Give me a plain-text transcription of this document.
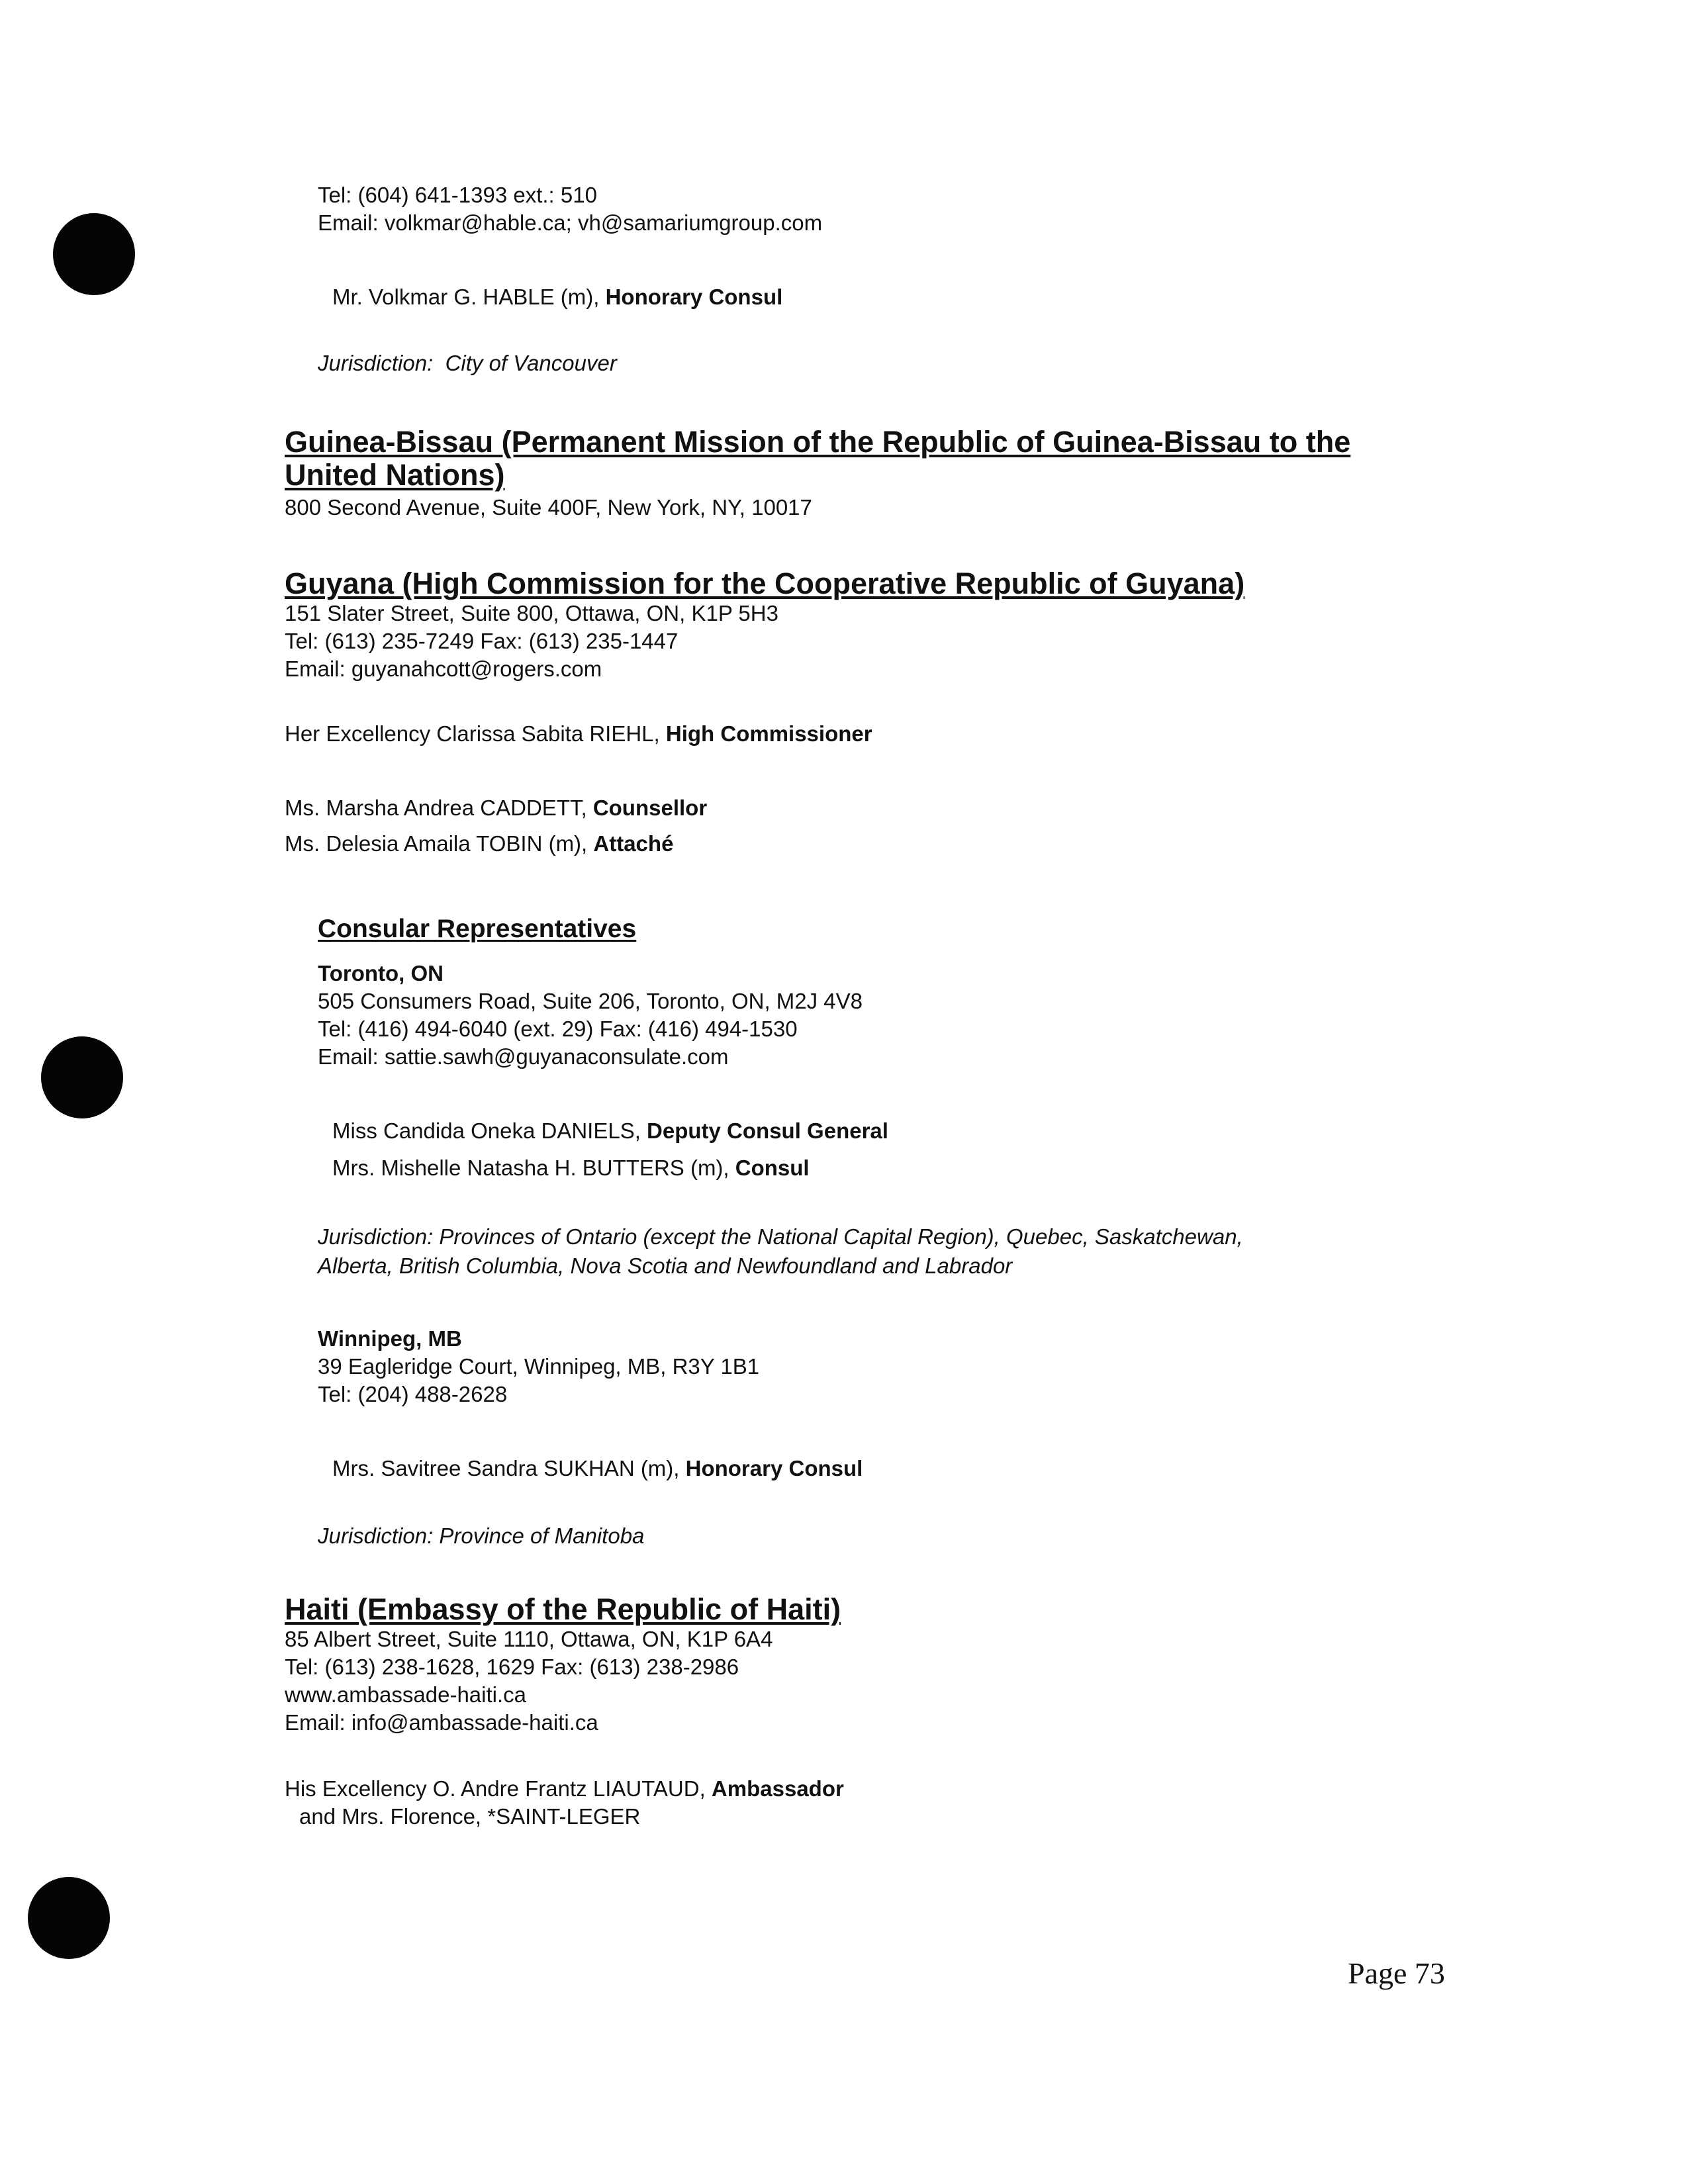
Tel: (604) 641-1393 ext.: 510
Email: volkmar@hable.ca; vh@samariumgroup.com
Mr. Volkmar G. HABLE (m), Honorary Consul
Jurisdiction: City of Vancouver
Guinea-Bissau (Permanent Mission of the Republic of Guinea-Bissau to the
United Nations)
800 Second Avenue, Suite 400F, New York, NY, 10017
Guyana (High Commission for the Cooperative Republic of Guyana)
151 Slater Street, Suite 800, Ottawa, ON, K1P 5H3
Tel: (613) 235-7249 Fax: (613) 235-1447
Email: guyanahcott@rogers.com
Her Excellency Clarissa Sabita RIEHL, High Commissioner
Ms. Marsha Andrea CADDETT, Counsellor
Ms. Delesia Amaila TOBIN (m), Attaché
Consular Representatives
Toronto, ON
505 Consumers Road, Suite 206, Toronto, ON, M2J 4V8
Tel: (416) 494-6040 (ext. 29) Fax: (416) 494-1530
Email: sattie.sawh@guyanaconsulate.com
Miss Candida Oneka DANIELS, Deputy Consul General
Mrs. Mishelle Natasha H. BUTTERS (m), Consul
Jurisdiction: Provinces of Ontario (except the National Capital Region), Quebec, Saskatchewan,
Alberta, British Columbia, Nova Scotia and Newfoundland and Labrador
Winnipeg, MB
39 Eagleridge Court, Winnipeg, MB, R3Y 1B1
Tel: (204) 488-2628
Mrs. Savitree Sandra SUKHAN (m), Honorary Consul
Jurisdiction: Province of Manitoba
Haiti (Embassy of the Republic of Haiti)
85 Albert Street, Suite 1110, Ottawa, ON, K1P 6A4
Tel: (613) 238-1628, 1629 Fax: (613) 238-2986
www.ambassade-haiti.ca
Email: info@ambassade-haiti.ca
His Excellency O. Andre Frantz LIAUTAUD, Ambassador
and Mrs. Florence, *SAINT-LEGER
Page 73
